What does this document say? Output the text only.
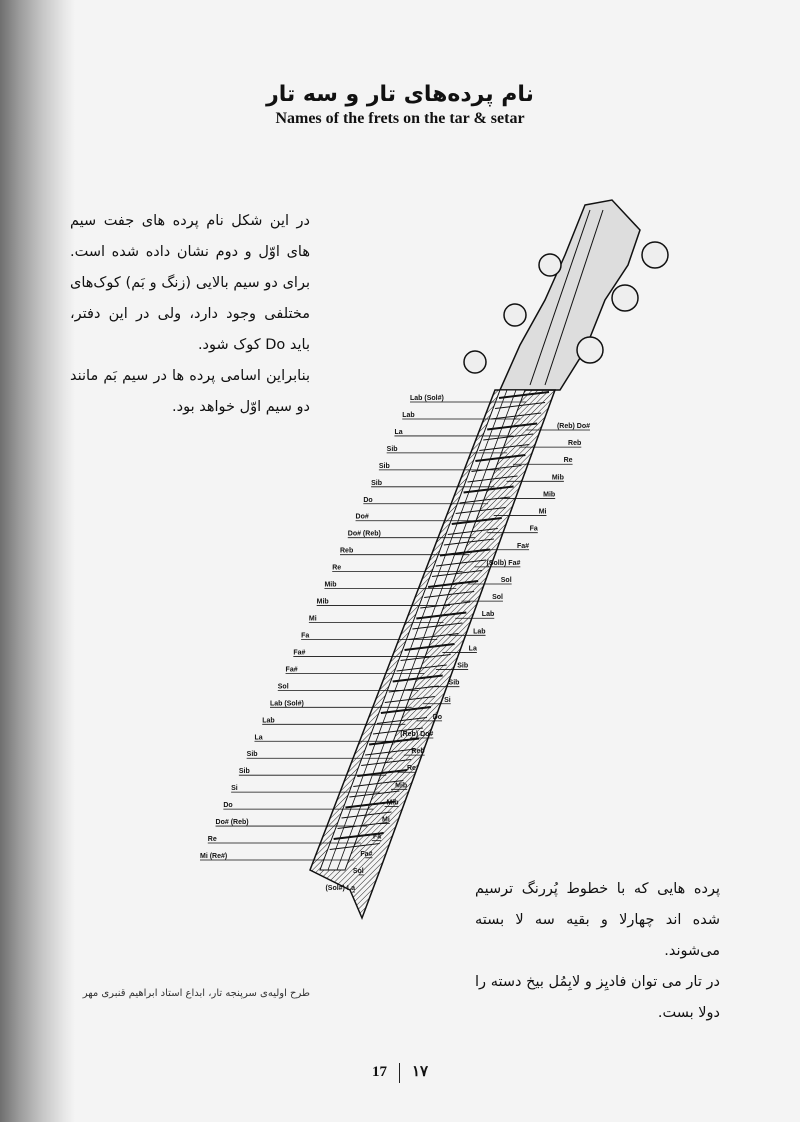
نام پرده‌های تار و سه تار
Names of the frets on the tar & setar

در این شکل نام پرده های جفت سیم های اوّل و دوم نشان داده شده است. برای دو سیم بالایی (زنگ و بَم) کوک‌های مختلفی وجود دارد، ولی در این دفتر، باید Do کوک شود.

بنابراین اسامی پرده ها در سیم بَم مانند دو سیم اوّل خواهد بود.

Lab (Sol#)
Lab
La
Sib
Sib
Sib
Do
Do#
Do# (Reb)
Reb
Re
Mib
Mib
Mi
Fa
Fa#
Fa#
Sol
Lab (Sol#)
Lab
La
Sib
Sib
Si
Do
Do# (Reb)
Re
Mi (Re#)
(Reb) Do#
Reb
Re
Mib
Mib
Mi
Fa
Fa#
(Solb) Fa#
Sol
Sol
Lab
Lab
La
Sib
Sib
Si
Do
(Reb) Do#
Reb
Re
Mib
Mib
Mi
Fa
Fa#
Sol
(Sol#) La	پرده هایی که با خطوط پُررنگ ترسیم شده اند چهارلا و بقیه سه لا بسته می‌شوند.

در تار می توان فادیِز و لابِمُل بیخ دسته را دولا بست.

طرح اولیه‌ی سرپنجه تار، ابداع استاد ابراهیم قنبری مهر
17 ۱۷
